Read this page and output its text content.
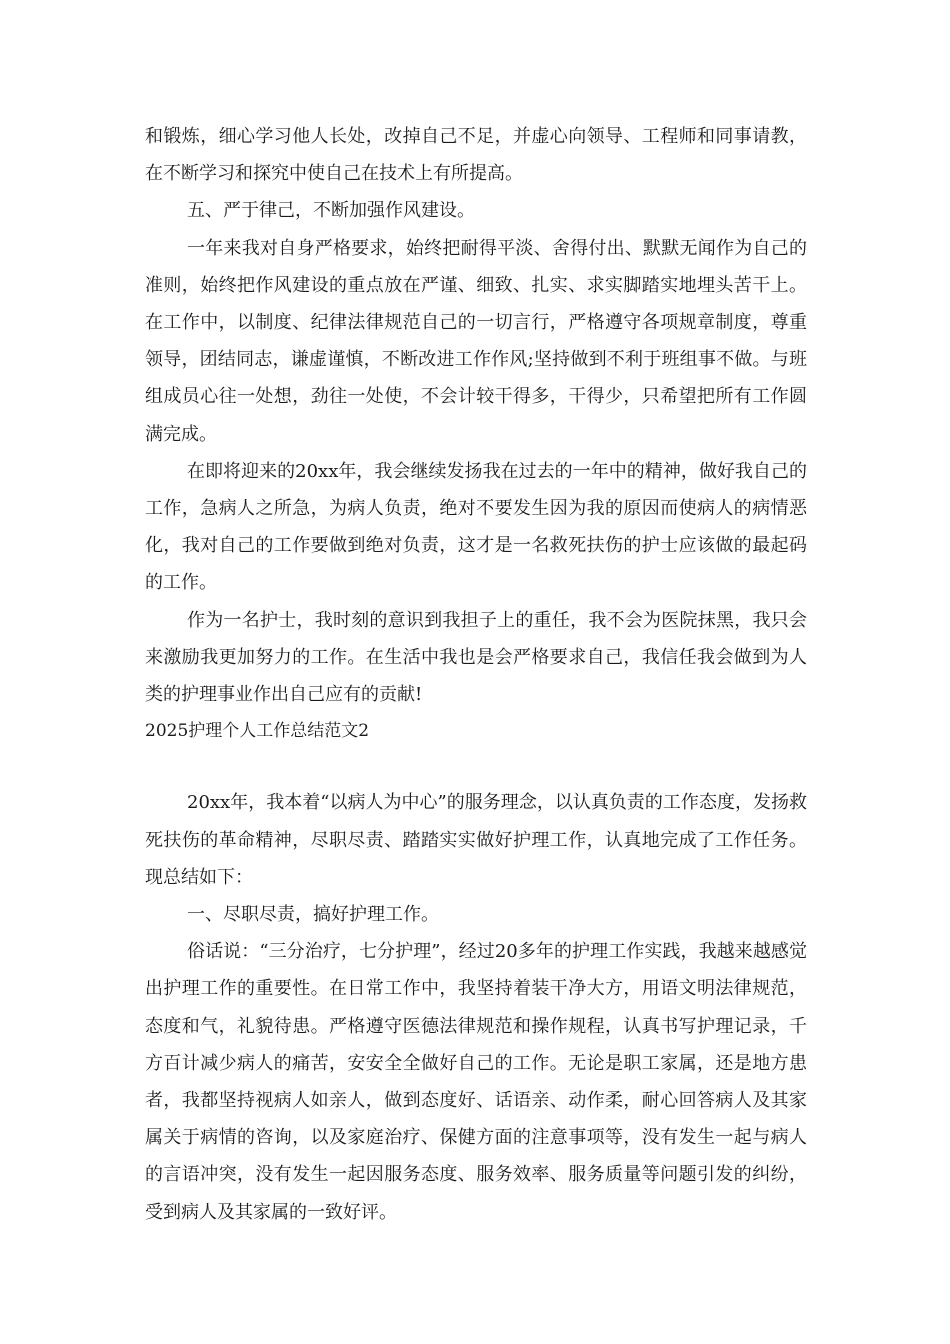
和锻炼，细心学习他人长处，改掉自己不足，并虚心向领导、工程师和同事请教，在不断学习和探究中使自己在技术上有所提高。

五、严于律己，不断加强作风建设。

一年来我对自身严格要求，始终把耐得平淡、舍得付出、默默无闻作为自己的准则，始终把作风建设的重点放在严谨、细致、扎实、求实脚踏实地埋头苦干上。在工作中，以制度、纪律法律规范自己的一切言行，严格遵守各项规章制度，尊重领导，团结同志，谦虚谨慎，不断改进工作作风;坚持做到不利于班组事不做。与班组成员心往一处想，劲往一处使，不会计较干得多，干得少，只希望把所有工作圆满完成。

在即将迎来的20xx年，我会继续发扬我在过去的一年中的精神，做好我自己的工作，急病人之所急，为病人负责，绝对不要发生因为我的原因而使病人的病情恶化，我对自己的工作要做到绝对负责，这才是一名救死扶伤的护士应该做的最起码的工作。

作为一名护士，我时刻的意识到我担子上的重任，我不会为医院抹黑，我只会来激励我更加努力的工作。在生活中我也是会严格要求自己，我信任我会做到为人类的护理事业作出自己应有的贡献!

2025护理个人工作总结范文2

20xx年，我本着“以病人为中心”的服务理念，以认真负责的工作态度，发扬救死扶伤的革命精神，尽职尽责、踏踏实实做好护理工作，认真地完成了工作任务。现总结如下：

一、尽职尽责，搞好护理工作。

俗话说：“三分治疗，七分护理”，经过20多年的护理工作实践，我越来越感觉出护理工作的重要性。在日常工作中，我坚持着装干净大方，用语文明法律规范，态度和气，礼貌待患。严格遵守医德法律规范和操作规程，认真书写护理记录，千方百计减少病人的痛苦，安安全全做好自己的工作。无论是职工家属，还是地方患者，我都坚持视病人如亲人，做到态度好、话语亲、动作柔，耐心回答病人及其家属关于病情的咨询，以及家庭治疗、保健方面的注意事项等，没有发生一起与病人的言语冲突，没有发生一起因服务态度、服务效率、服务质量等问题引发的纠纷，受到病人及其家属的一致好评。
